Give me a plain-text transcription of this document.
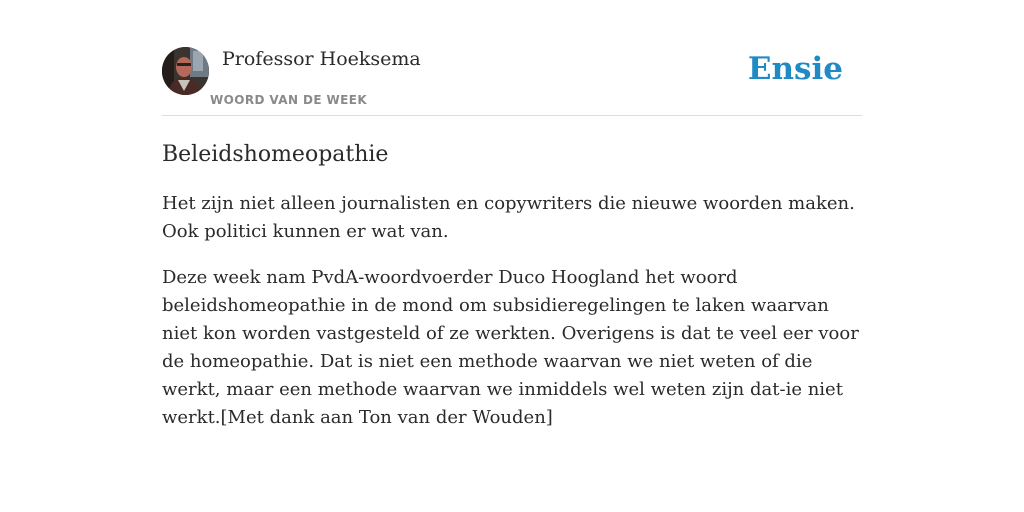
Professor Hoeksema
WOORD VAN DE WEEK
Ensie
Beleidshomeopathie

Het zijn niet alleen journalisten en copywriters die nieuwe woorden maken. Ook politici kunnen er wat van.

Deze week nam PvdA-woordvoerder Duco Hoogland het woord beleidshomeopathie in de mond om subsidieregelingen te laken waarvan niet kon worden vastgesteld of ze werkten. Overigens is dat te veel eer voor de homeopathie. Dat is niet een methode waarvan we niet weten of die werkt, maar een methode waarvan we inmiddels wel weten zijn dat-ie niet werkt.[Met dank aan Ton van der Wouden]
